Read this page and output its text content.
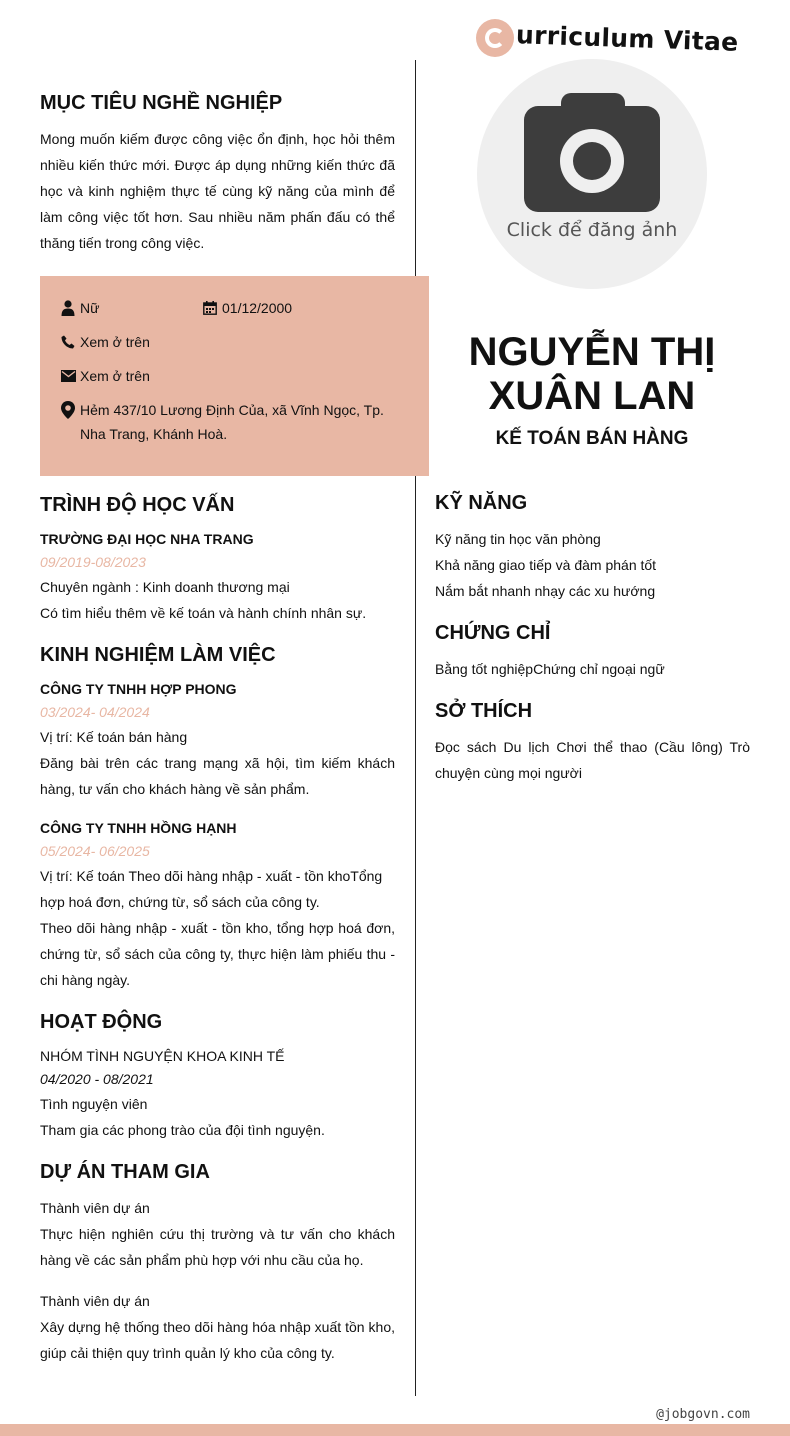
urriculum Vitae
Click để đăng ảnh
NGUYỄN THỊ
XUÂN LAN
KẾ TOÁN BÁN HÀNG
MỤC TIÊU NGHỀ NGHIỆP
Mong muốn kiếm được công việc ổn định, học hỏi thêm nhiều kiến thức mới. Được áp dụng những kiến thức đã học và kinh nghiệm thực tế cùng kỹ năng của mình để làm công việc tốt hơn. Sau nhiều năm phấn đấu có thể thăng tiến trong công việc.
Nữ	01/12/2000
Xem ở trên
Xem ở trên
Hẻm 437/10 Lương Định Của, xã Vĩnh Ngọc, Tp. Nha Trang, Khánh Hoà.
TRÌNH ĐỘ HỌC VẤN
TRƯỜNG ĐẠI HỌC NHA TRANG
09/2019-08/2023
Chuyên ngành : Kinh doanh thương mại
Có tìm hiểu thêm về kế toán và hành chính nhân sự.
KINH NGHIỆM LÀM VIỆC
CÔNG TY TNHH HỢP PHONG
03/2024- 04/2024
Vị trí: Kế toán bán hàng
Đăng bài trên các trang mạng xã hội, tìm kiếm khách hàng, tư vấn cho khách hàng về sản phẩm.
CÔNG TY TNHH HỒNG HẠNH
05/2024- 06/2025
Vị trí: Kế toán Theo dõi hàng nhập - xuất - tồn khoTổng hợp hoá đơn, chứng từ, sổ sách của công ty.
Theo dõi hàng nhập - xuất - tồn kho, tổng hợp hoá đơn, chứng từ, sổ sách của công ty, thực hiện làm phiếu thu - chi hàng ngày.
HOẠT ĐỘNG
NHÓM TÌNH NGUYỆN KHOA KINH TẾ
04/2020 - 08/2021
Tình nguyện viên
Tham gia các phong trào của đội tình nguyện.
DỰ ÁN THAM GIA
Thành viên dự án
Thực hiện nghiên cứu thị trường và tư vấn cho khách hàng về các sản phẩm phù hợp với nhu cầu của họ.
Thành viên dự án
Xây dựng hệ thống theo dõi hàng hóa nhập xuất tồn kho, giúp cải thiện quy trình quản lý kho của công ty.
KỸ NĂNG
Kỹ năng tin học văn phòng
Khả năng giao tiếp và đàm phán tốt
Nắm bắt nhanh nhạy các xu hướng
CHỨNG CHỈ
Bằng tốt nghiệpChứng chỉ ngoại ngữ
SỞ THÍCH
Đọc sách Du lịch Chơi thể thao (Cầu lông) Trò chuyện cùng mọi người
@jobgovn.com
